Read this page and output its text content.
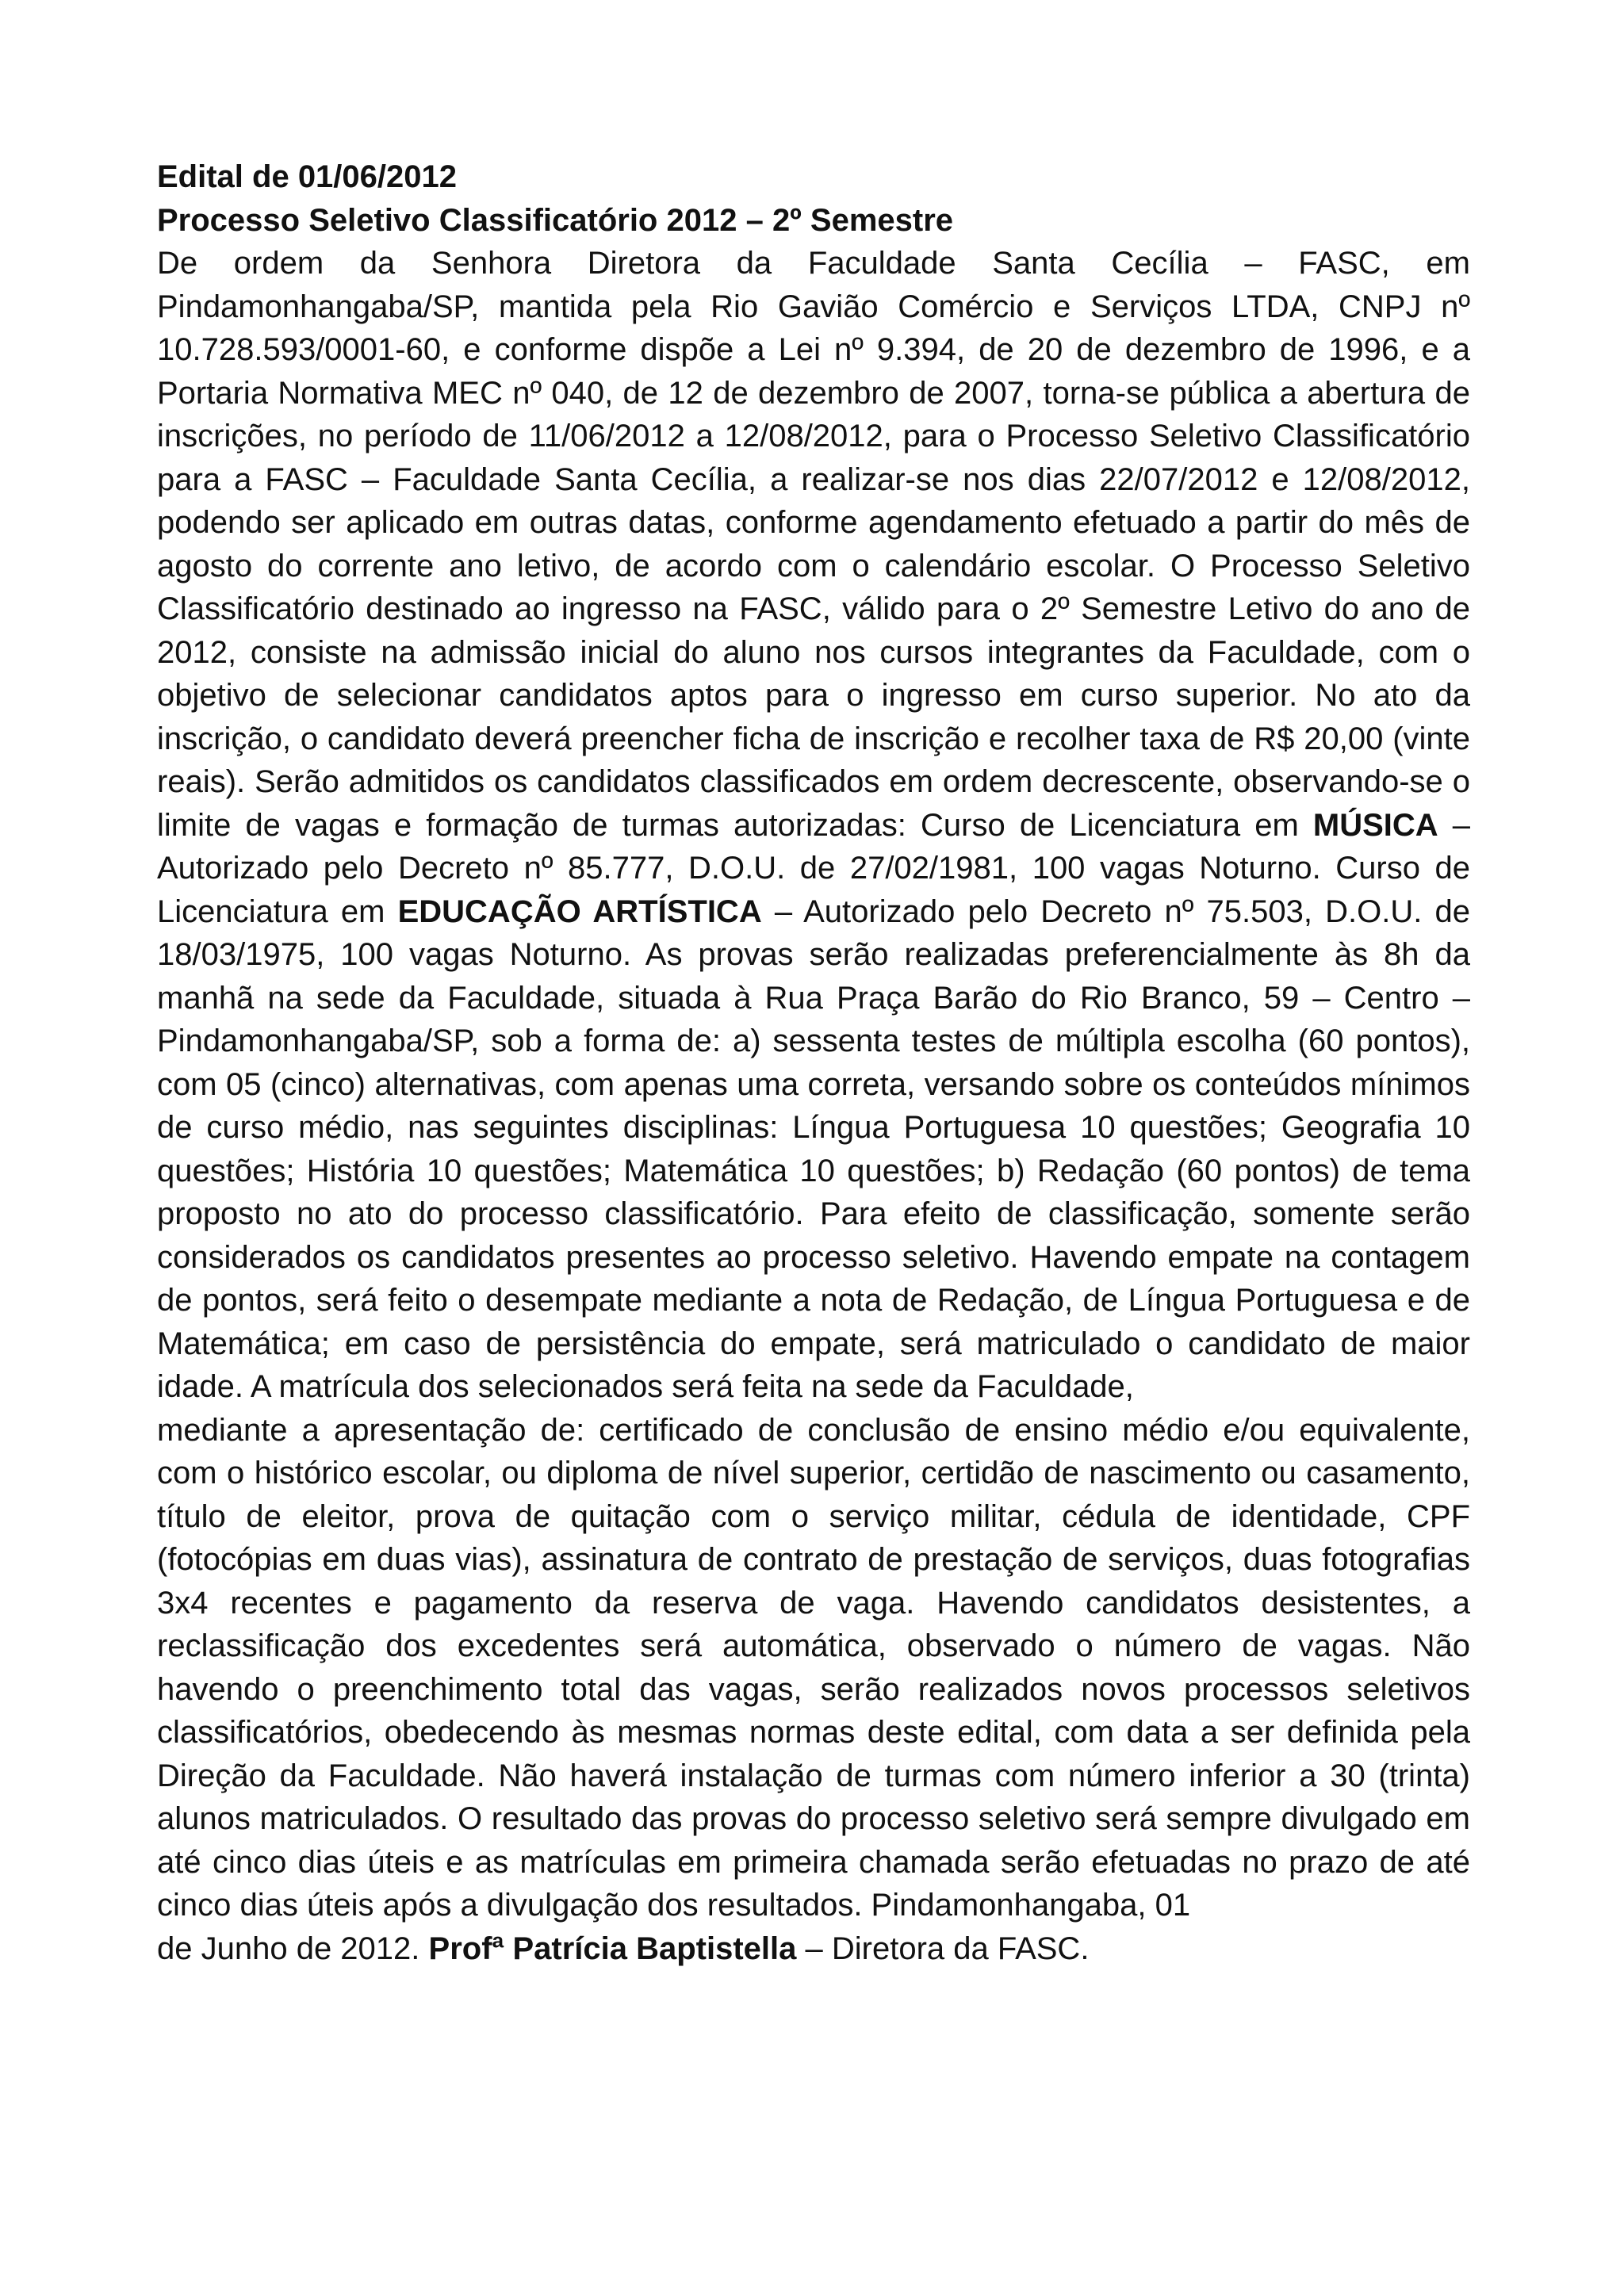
Edital de 01/06/2012

Processo Seletivo Classificatório 2012 – 2º Semestre

De ordem da Senhora Diretora da Faculdade Santa Cecília – FASC, em Pindamonhangaba/SP, mantida pela Rio Gavião Comércio e Serviços LTDA, CNPJ nº 10.728.593/0001-60, e conforme dispõe a Lei nº 9.394, de 20 de dezembro de 1996, e a Portaria Normativa MEC nº 040, de 12 de dezembro de 2007, torna-se pública a abertura de inscrições, no período de 11/06/2012 a 12/08/2012, para o Processo Seletivo Classificatório para a FASC – Faculdade Santa Cecília, a realizar-se nos dias 22/07/2012 e 12/08/2012, podendo ser aplicado em outras datas, conforme agendamento efetuado a partir do mês de agosto do corrente ano letivo, de acordo com o calendário escolar. O Processo Seletivo Classificatório destinado ao ingresso na FASC, válido para o 2º Semestre Letivo do ano de 2012, consiste na admissão inicial do aluno nos cursos integrantes da Faculdade, com o objetivo de selecionar candidatos aptos para o ingresso em curso superior. No ato da inscrição, o candidato deverá preencher ficha de inscrição e recolher taxa de R$ 20,00 (vinte reais). Serão admitidos os candidatos classificados em ordem decrescente, observando-se o limite de vagas e formação de turmas autorizadas: Curso de Licenciatura em MÚSICA – Autorizado pelo Decreto nº 85.777, D.O.U. de 27/02/1981, 100 vagas Noturno. Curso de Licenciatura em EDUCAÇÃO ARTÍSTICA – Autorizado pelo Decreto nº 75.503, D.O.U. de 18/03/1975, 100 vagas Noturno. As provas serão realizadas preferencialmente às 8h da manhã na sede da Faculdade, situada à Rua Praça Barão do Rio Branco, 59 – Centro – Pindamonhangaba/SP, sob a forma de: a) sessenta testes de múltipla escolha (60 pontos), com 05 (cinco) alternativas, com apenas uma correta, versando sobre os conteúdos mínimos de curso médio, nas seguintes disciplinas: Língua Portuguesa 10 questões; Geografia 10 questões; História 10 questões; Matemática 10 questões; b) Redação (60 pontos) de tema proposto no ato do processo classificatório. Para efeito de classificação, somente serão considerados os candidatos presentes ao processo seletivo. Havendo empate na contagem de pontos, será feito o desempate mediante a nota de Redação, de Língua Portuguesa e de Matemática; em caso de persistência do empate, será matriculado o candidato de maior idade. A matrícula dos selecionados será feita na sede da Faculdade,

mediante a apresentação de: certificado de conclusão de ensino médio e/ou equivalente, com o histórico escolar, ou diploma de nível superior, certidão de nascimento ou casamento, título de eleitor, prova de quitação com o serviço militar, cédula de identidade, CPF (fotocópias em duas vias), assinatura de contrato de prestação de serviços, duas fotografias 3x4 recentes e pagamento da reserva de vaga. Havendo candidatos desistentes, a reclassificação dos excedentes será automática, observado o número de vagas. Não havendo o preenchimento total das vagas, serão realizados novos processos seletivos classificatórios, obedecendo às mesmas normas deste edital, com data a ser definida pela Direção da Faculdade. Não haverá instalação de turmas com número inferior a 30 (trinta) alunos matriculados. O resultado das provas do processo seletivo será sempre divulgado em até cinco dias úteis e as matrículas em primeira chamada serão efetuadas no prazo de até cinco dias úteis após a divulgação dos resultados. Pindamonhangaba, 01

de Junho de 2012. Profª Patrícia Baptistella – Diretora da FASC.
